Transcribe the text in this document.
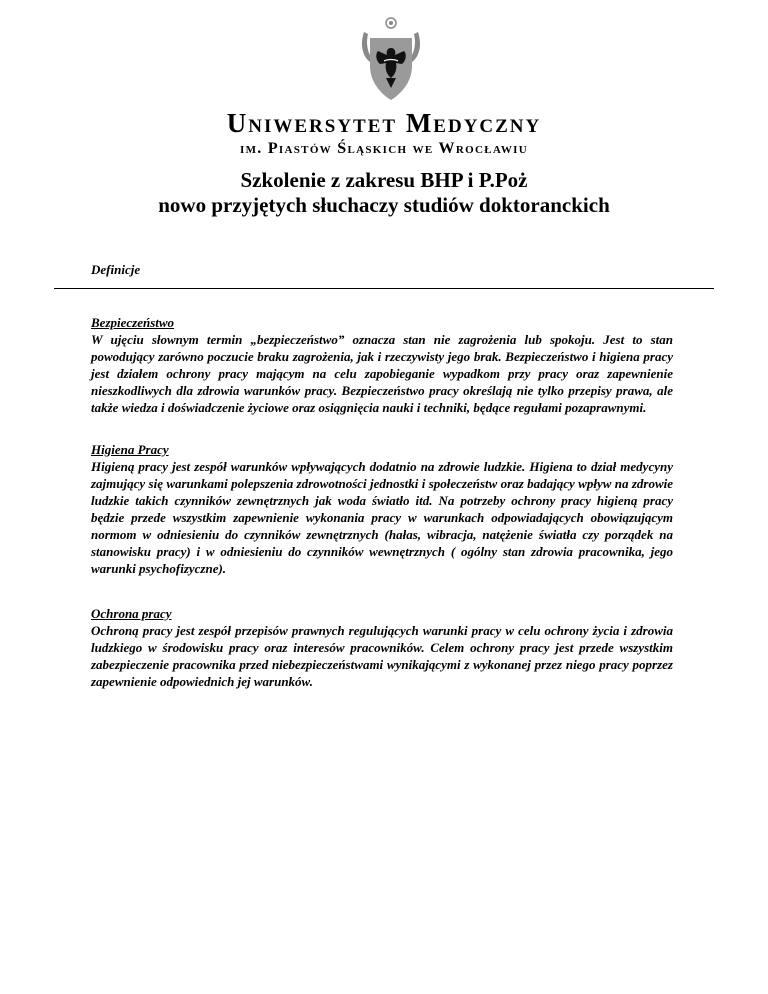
Uniwersytet Medyczny
im. Piastów Śląskich we Wrocławiu
Szkolenie z zakresu BHP i P.Poż
nowo przyjętych słuchaczy studiów doktoranckich
Definicje
Bezpieczeństwo
W ujęciu słownym termin „bezpieczeństwo” oznacza stan nie zagrożenia lub spokoju. Jest to stan powodujący zarówno poczucie braku zagrożenia, jak i rzeczywisty jego brak. Bezpieczeństwo i higiena pracy jest działem ochrony pracy mającym na celu zapobieganie wypadkom przy pracy oraz zapewnienie nieszkodliwych dla zdrowia warunków pracy. Bezpieczeństwo pracy określają nie tylko przepisy prawa, ale także wiedza i doświadczenie życiowe oraz osiągnięcia nauki i techniki, będące regułami pozaprawnymi.
Higiena Pracy
Higieną pracy jest zespół warunków wpływających dodatnio na zdrowie ludzkie. Higiena to dział medycyny zajmujący się warunkami polepszenia zdrowotności jednostki i społeczeństw oraz badający wpływ na zdrowie ludzkie takich czynników zewnętrznych jak woda światło itd. Na potrzeby ochrony pracy higieną pracy będzie przede wszystkim zapewnienie wykonania pracy w warunkach odpowiadających obowiązującym normom w odniesieniu do czynników zewnętrznych (hałas, wibracja, natężenie światła czy porządek na stanowisku pracy) i w odniesieniu do czynników wewnętrznych ( ogólny stan zdrowia pracownika, jego warunki psychofizyczne).
Ochrona pracy
Ochroną pracy jest zespół przepisów prawnych regulujących warunki pracy w celu ochrony życia i zdrowia ludzkiego w środowisku pracy oraz interesów pracowników. Celem ochrony pracy jest przede wszystkim zabezpieczenie pracownika przed niebezpieczeństwami wynikającymi z wykonanej przez niego pracy poprzez zapewnienie odpowiednich jej warunków.
